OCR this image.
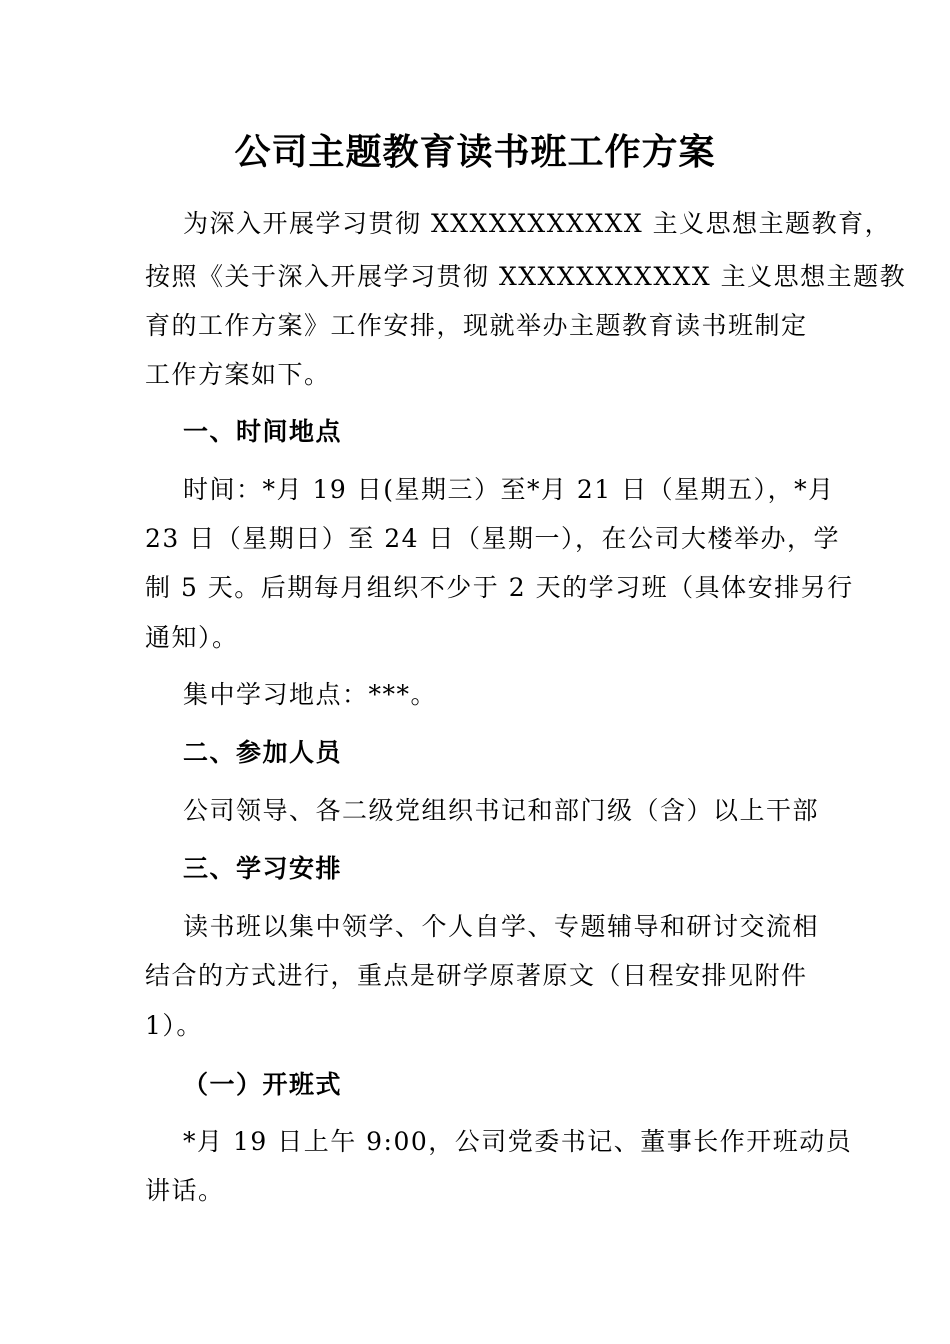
公司主题教育读书班工作方案
为深入开展学习贯彻 XXXXXXXXXXX 主义思想主题教育，
按照《关于深入开展学习贯彻 XXXXXXXXXXX 主义思想主题教
育的工作方案》工作安排，现就举办主题教育读书班制定
工作方案如下。
一、时间地点
时间：*月 19 日(星期三）至*月 21 日（星期五），*月
23 日（星期日）至 24 日（星期一），在公司大楼举办，学
制 5 天。后期每月组织不少于 2 天的学习班（具体安排另行
通知）。
集中学习地点：***。
二、参加人员
公司领导、各二级党组织书记和部门级（含）以上干部
三、学习安排
读书班以集中领学、个人自学、专题辅导和研讨交流相
结合的方式进行，重点是研学原著原文（日程安排见附件
1）。
（一）开班式
*月 19 日上午 9:00，公司党委书记、董事长作开班动员
讲话。
